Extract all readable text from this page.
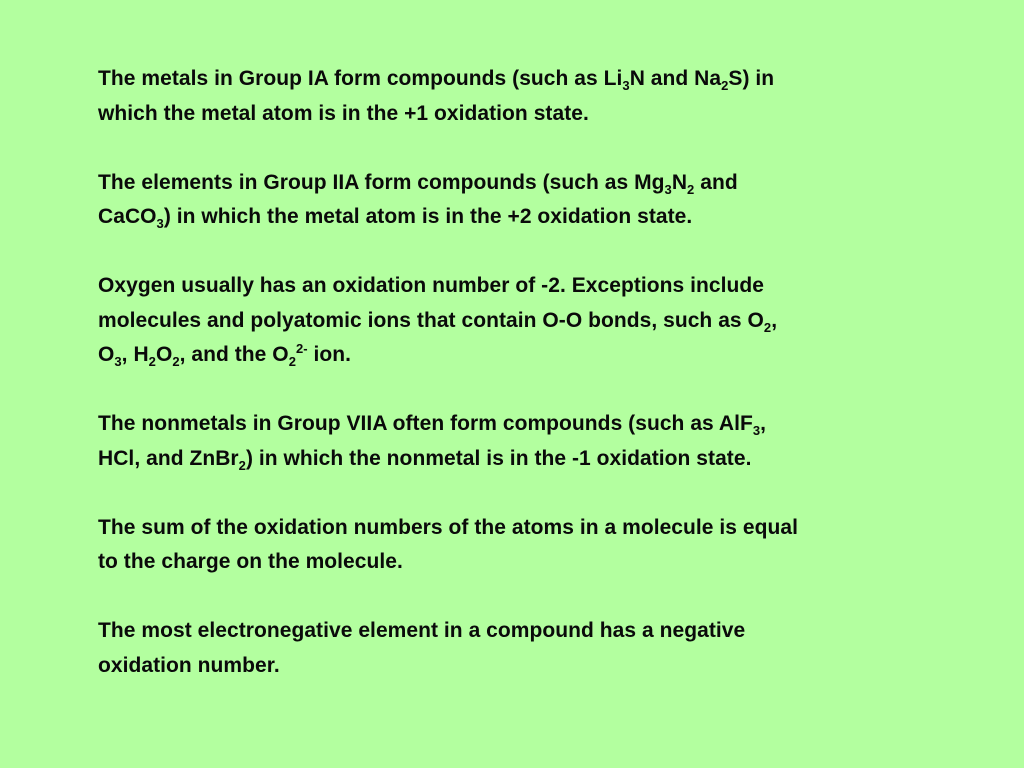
The metals in Group IA form compounds (such as $Li_3N$ and $Na_2S$) in
which the metal atom is in the +1 oxidation state.

The elements in Group IIA form compounds (such as $Mg_3N_2$ and
CaCO$_3$) in which the metal atom is in the +2 oxidation state.

Oxygen usually has an oxidation number of -2. Exceptions include
molecules and polyatomic ions that contain O-O bonds, such as $O_2$,
$O_3$, $H_2O_2$, and the $O_2^{2-}$ ion.

The nonmetals in Group VIIA often form compounds (such as AlF$_3$,
HCl, and ZnBr$_2$) in which the nonmetal is in the -1 oxidation state.

The sum of the oxidation numbers of the atoms in a molecule is equal
to the charge on the molecule.

The most electronegative element in a compound has a negative
oxidation number.
